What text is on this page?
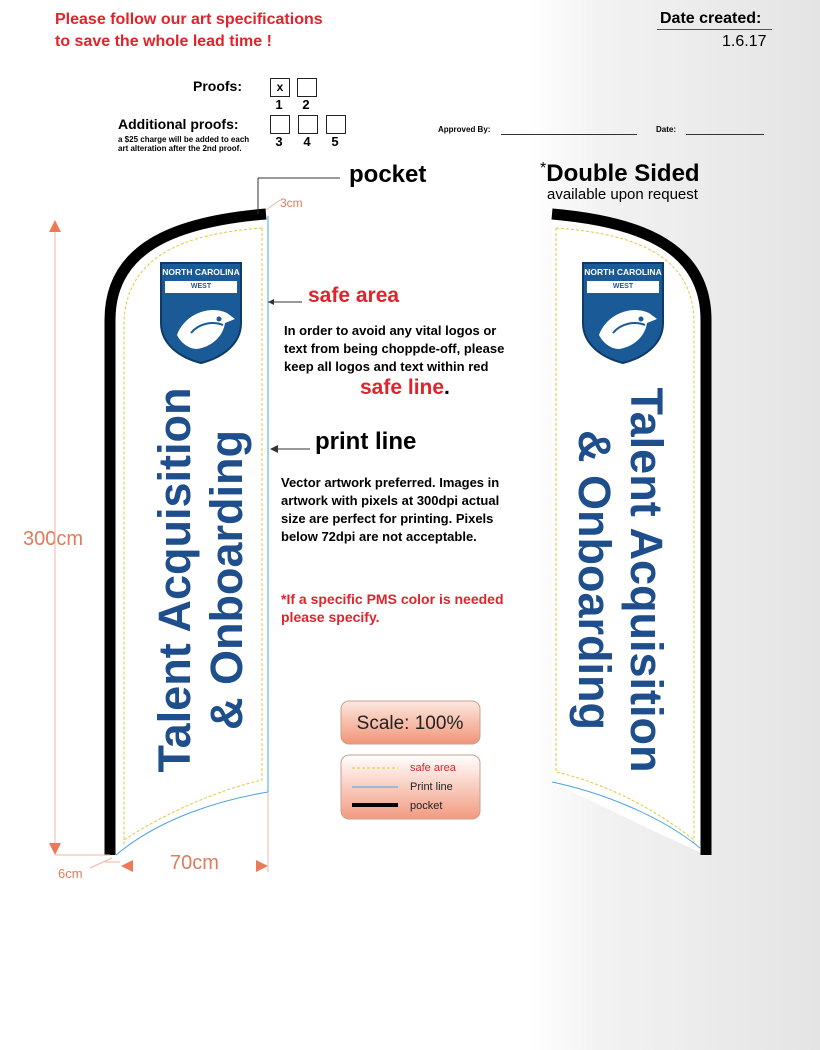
Please follow our art specifications
to save the whole lead time !
Date created:
1.6.17
Proofs:	x
1	2
Additional proofs:
a $25 charge will be added to each art alteration after the 2nd proof.	3	4	5
Approved By:	Date:
pocket
3cm
safe area
In order to avoid any vital logos or text from being choppde-off, please keep all logos and text within red
safe line.
print line
Vector artwork preferred. Images in artwork with pixels at 300dpi actual size are perfect for printing. Pixels below 72dpi are not acceptable.
*If a specific PMS color is needed please specify.
300cm
70cm
6cm
*Double Sided
available upon request
NORTH CAROLINA
WEST
Talent Acquisition & Onboarding
NORTH CAROLINA
WEST
Talent Acquisition
& Onboarding
Scale: 100%
safe area
Print line
pocket
